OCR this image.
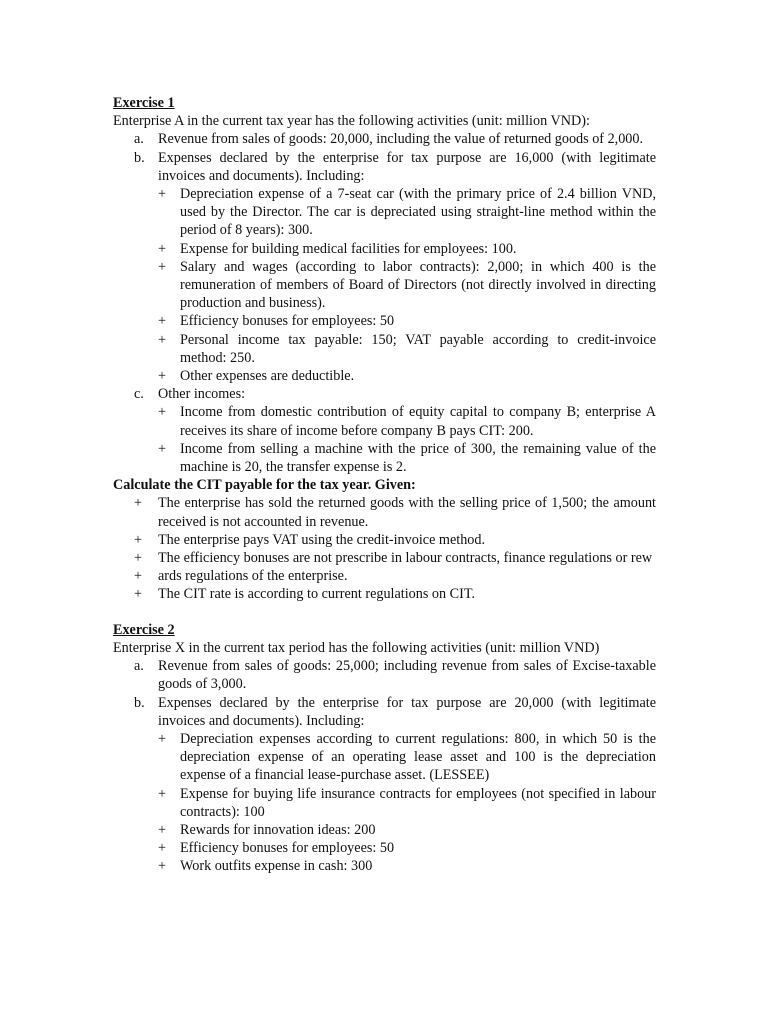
Exercise 1

Enterprise A in the current tax year has the following activities (unit: million VND):

a. Revenue from sales of goods: 20,000, including the value of returned goods of 2,000.
b. Expenses declared by the enterprise for tax purpose are 16,000 (with legitimate invoices and documents). Including:
+ Depreciation expense of a 7-seat car (with the primary price of 2.4 billion VND, used by the Director. The car is depreciated using straight-line method within the period of 8 years): 300.
+ Expense for building medical facilities for employees: 100.
+ Salary and wages (according to labor contracts): 2,000; in which 400 is the remuneration of members of Board of Directors (not directly involved in directing production and business).
+ Efficiency bonuses for employees: 50
+ Personal income tax payable: 150; VAT payable according to credit-invoice method: 250.
+ Other expenses are deductible.
c. Other incomes:
+ Income from domestic contribution of equity capital to company B; enterprise A receives its share of income before company B pays CIT: 200.
+ Income from selling a machine with the price of 300, the remaining value of the machine is 20, the transfer expense is 2.

Calculate the CIT payable for the tax year. Given:

+	The enterprise has sold the returned goods with the selling price of 1,500; the amount received is not accounted in revenue.
+	The enterprise pays VAT using the credit-invoice method.
+	The efficiency bonuses are not prescribe in labour contracts, finance regulations or rew
+	ards regulations of the enterprise.
+	The CIT rate is according to current regulations on CIT.

Exercise 2

Enterprise X in the current tax period has the following activities (unit: million VND)

a. Revenue from sales of goods: 25,000; including revenue from sales of Excise-taxable goods of 3,000.
b. Expenses declared by the enterprise for tax purpose are 20,000 (with legitimate invoices and documents). Including:
+ Depreciation expenses according to current regulations: 800, in which 50 is the depreciation expense of an operating lease asset and 100 is the depreciation expense of a financial lease-purchase asset. (LESSEE)
+ Expense for buying life insurance contracts for employees (not specified in labour contracts): 100
+ Rewards for innovation ideas: 200
+ Efficiency bonuses for employees: 50
+ Work outfits expense in cash: 300
